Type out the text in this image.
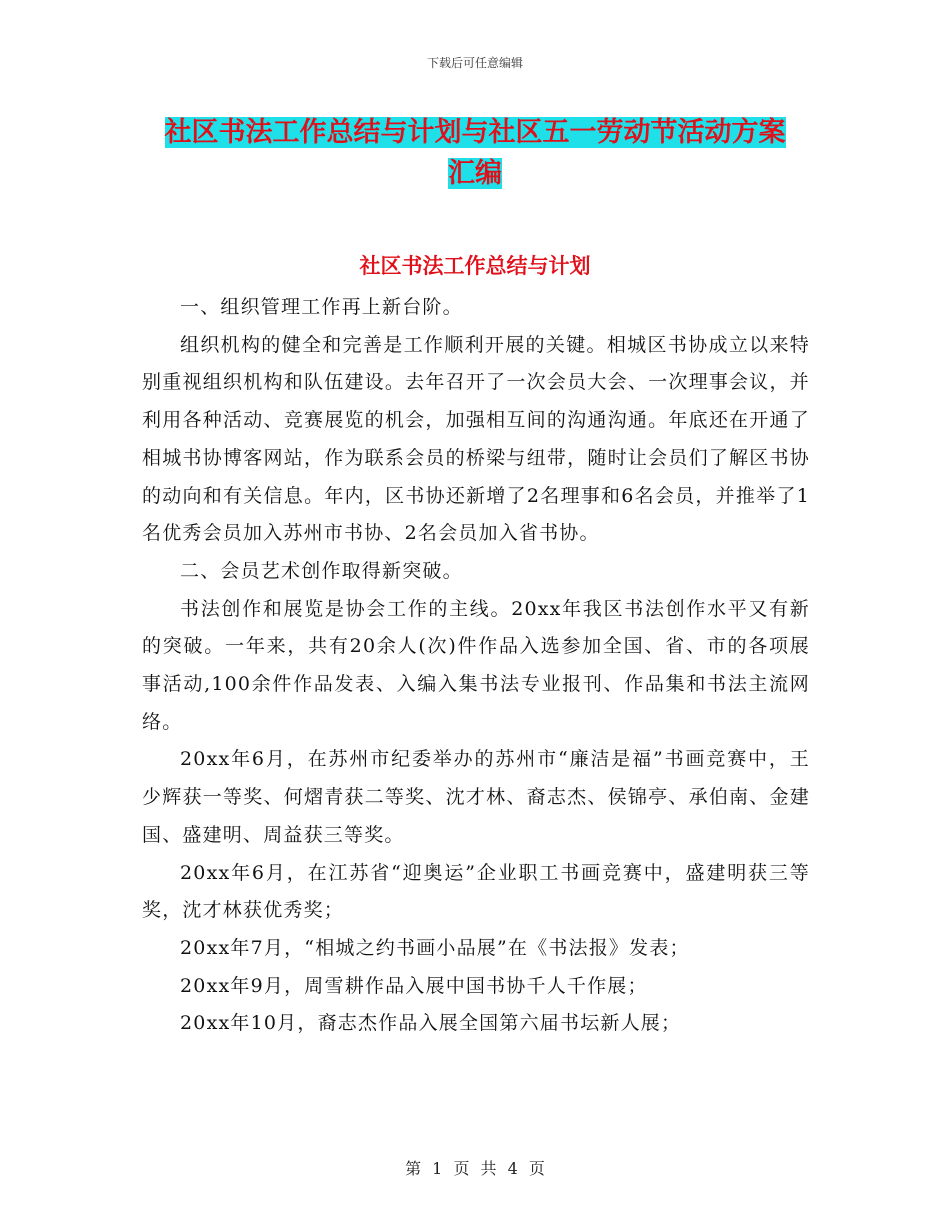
下载后可任意编辑
社区书法工作总结与计划与社区五一劳动节活动方案
汇编
社区书法工作总结与计划

一、组织管理工作再上新台阶。

组织机构的健全和完善是工作顺利开展的关键。相城区书协成立以来特别重视组织机构和队伍建设。去年召开了一次会员大会、一次理事会议，并利用各种活动、竞赛展览的机会，加强相互间的沟通沟通。年底还在开通了相城书协博客网站，作为联系会员的桥梁与纽带，随时让会员们了解区书协的动向和有关信息。年内，区书协还新增了2名理事和6名会员，并推举了1名优秀会员加入苏州市书协、2名会员加入省书协。

二、会员艺术创作取得新突破。

书法创作和展览是协会工作的主线。20xx年我区书法创作水平又有新的突破。一年来，共有20余人(次)件作品入选参加全国、省、市的各项展事活动,100余件作品发表、入编入集书法专业报刊、作品集和书法主流网络。

20xx年6月，在苏州市纪委举办的苏州市“廉洁是福”书画竞赛中，王少辉获一等奖、何熠青获二等奖、沈才林、裔志杰、侯锦亭、承伯南、金建国、盛建明、周益获三等奖。

20xx年6月，在江苏省“迎奥运”企业职工书画竞赛中，盛建明获三等奖，沈才林获优秀奖；

20xx年7月，“相城之约书画小品展”在《书法报》发表；

20xx年9月，周雪耕作品入展中国书协千人千作展；

20xx年10月，裔志杰作品入展全国第六届书坛新人展；

第 1 页 共 4 页
